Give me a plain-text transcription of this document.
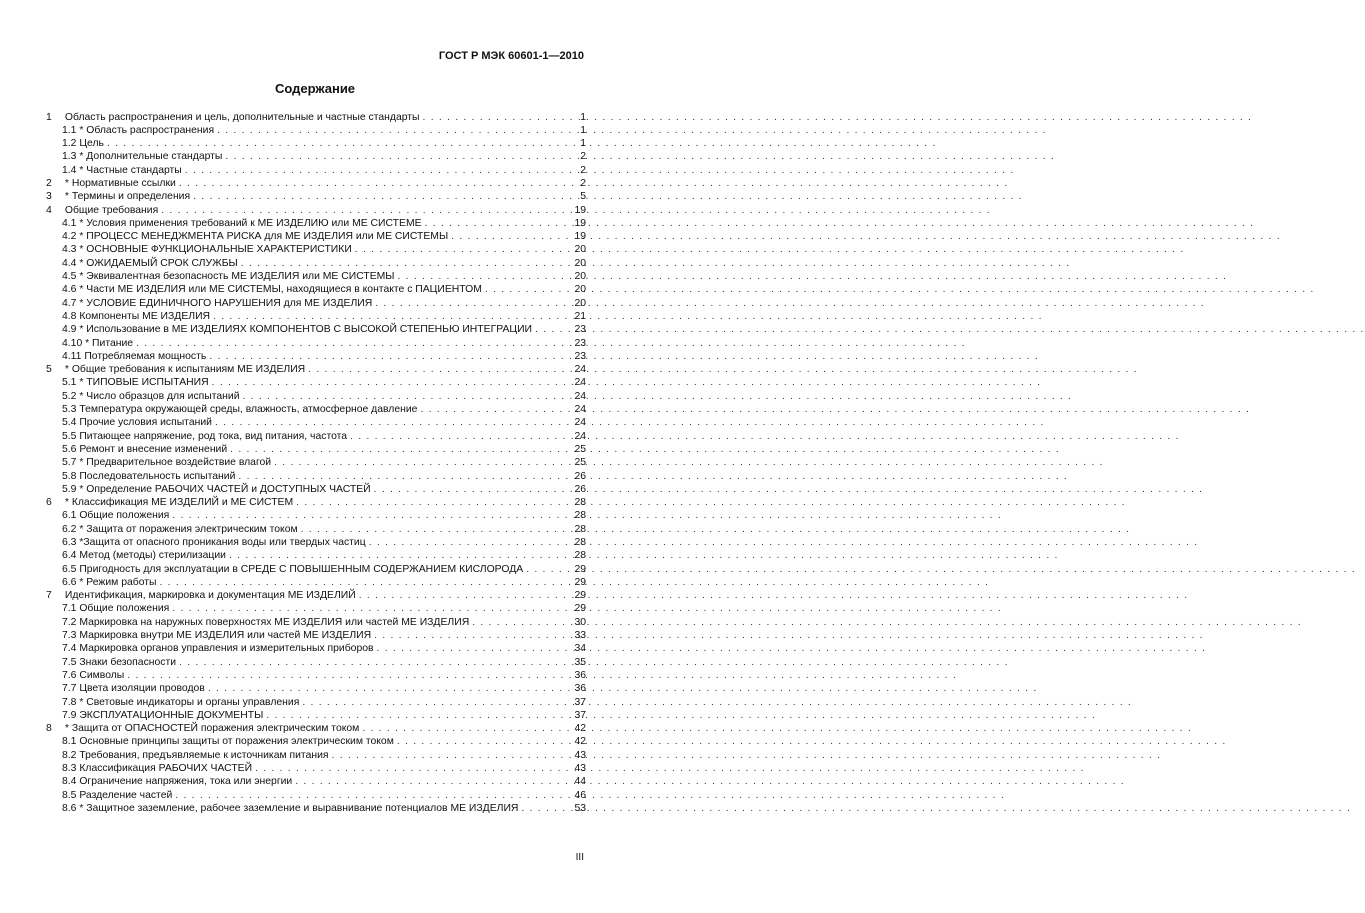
ГОСТ Р МЭК 60601-1—2010
Содержание
1 Область распространения и цель, дополнительные и частные стандарты . . .	1
1.1 * Область распространения . . .	1
1.2 Цель . . .	1
1.3 * Дополнительные стандарты . . .	2
1.4 * Частные стандарты . . .	2
2 * Нормативные ссылки . . .	2
3 * Термины и определения . . .	5
4 Общие требования . . .	19
4.1 * Условия применения требований к МЕ ИЗДЕЛИЮ или МЕ СИСТЕМЕ . . .	19
4.2 * ПРОЦЕСС МЕНЕДЖМЕНТА РИСКА для МЕ ИЗДЕЛИЯ или МЕ СИСТЕМЫ . . .	19
4.3 * ОСНОВНЫЕ ФУНКЦИОНАЛЬНЫЕ ХАРАКТЕРИСТИКИ . . .	20
4.4 * ОЖИДАЕМЫЙ СРОК СЛУЖБЫ . . .	20
4.5 * Эквивалентная безопасность МЕ ИЗДЕЛИЯ или МЕ СИСТЕМЫ . . .	20
4.6 * Части МЕ ИЗДЕЛИЯ или МЕ СИСТЕМЫ, находящиеся в контакте с ПАЦИЕНТОМ . . .	20
4.7 * УСЛОВИЕ ЕДИНИЧНОГО НАРУШЕНИЯ для МЕ ИЗДЕЛИЯ . . .	20
4.8 Компоненты МЕ ИЗДЕЛИЯ . . .	21
4.9 * Использование в МЕ ИЗДЕЛИЯХ КОМПОНЕНТОВ С ВЫСОКОЙ СТЕПЕНЬЮ ИНТЕГРАЦИИ . . .	23
4.10 * Питание . . .	23
4.11 Потребляемая мощность . . .	23
5 * Общие требования к испытаниям МЕ ИЗДЕЛИЯ . . .	24
5.1 * ТИПОВЫЕ ИСПЫТАНИЯ . . .	24
5.2 * Число образцов для испытаний . . .	24
5.3 Температура окружающей среды, влажность, атмосферное давление . . .	24
5.4 Прочие условия испытаний . . .	24
5.5 Питающее напряжение, род тока, вид питания, частота . . .	24
5.6 Ремонт и внесение изменений . . .	25
5.7 * Предварительное воздействие влагой . . .	25
5.8 Последовательность испытаний . . .	26
5.9 * Определение РАБОЧИХ ЧАСТЕЙ и ДОСТУПНЫХ ЧАСТЕЙ . . .	26
6 * Классификация МЕ ИЗДЕЛИЙ и МЕ СИСТЕМ . . .	28
6.1 Общие положения . . .	28
6.2 * Защита от поражения электрическим током . . .	28
6.3 *Защита от опасного проникания воды или твердых частиц . . .	28
6.4 Метод (методы) стерилизации . . .	28
6.5 Пригодность для эксплуатации в СРЕДЕ С ПОВЫШЕННЫМ СОДЕРЖАНИЕМ КИСЛОРОДА . . .	29
6.6 * Режим работы . . .	29
7 Идентификация, маркировка и документация МЕ ИЗДЕЛИЙ . . .	29
7.1 Общие положения . . .	29
7.2 Маркировка на наружных поверхностях МЕ ИЗДЕЛИЯ или частей МЕ ИЗДЕЛИЯ . . .	30
7.3 Маркировка внутри МЕ ИЗДЕЛИЯ или частей МЕ ИЗДЕЛИЯ . . .	33
7.4 Маркировка органов управления и измерительных приборов . . .	34
7.5 Знаки безопасности . . .	35
7.6 Символы . . .	36
7.7 Цвета изоляции проводов . . .	36
7.8 * Световые индикаторы и органы управления . . .	37
7.9 ЭКСПЛУАТАЦИОННЫЕ ДОКУМЕНТЫ . . .	37
8 * Защита от ОПАСНОСТЕЙ поражения электрическим током . . .	42
8.1 Основные принципы защиты от поражения электрическим током . . .	42
8.2 Требования, предъявляемые к источникам питания . . .	43
8.3 Классификация РАБОЧИХ ЧАСТЕЙ . . .	43
8.4 Ограничение напряжения, тока или энергии . . .	44
8.5 Разделение частей . . .	46
8.6 * Защитное заземление, рабочее заземление и выравнивание потенциалов МЕ ИЗДЕЛИЯ . . .	53
III
